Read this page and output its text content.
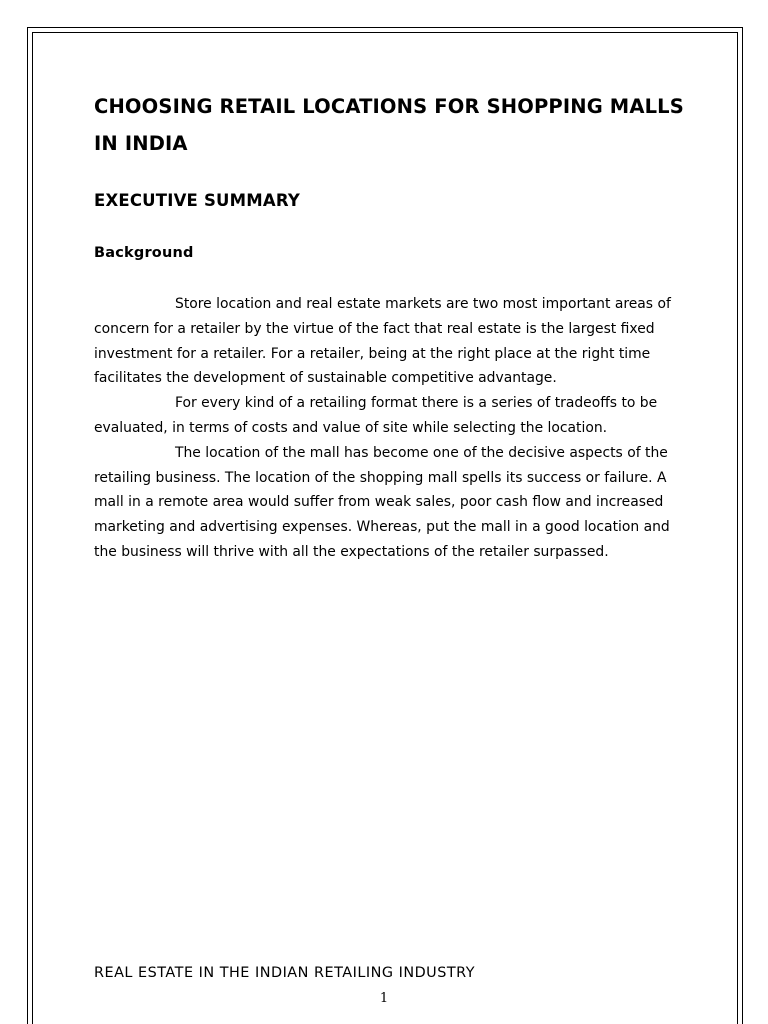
CHOOSING RETAIL LOCATIONS FOR SHOPPING MALLS IN INDIA
EXECUTIVE SUMMARY
Background

Store location and real estate markets are two most important areas of concern for a retailer by the virtue of the fact that real estate is the largest fixed investment for a retailer. For a retailer, being at the right place at the right time facilitates the development of sustainable competitive advantage.

For every kind of a retailing format there is a series of tradeoffs to be evaluated, in terms of costs and value of site while selecting the location.

The location of the mall has become one of the decisive aspects of the retailing business. The location of the shopping mall spells its success or failure. A mall in a remote area would suffer from weak sales, poor cash flow and increased marketing and advertising expenses. Whereas, put the mall in a good location and the business will thrive with all the expectations of the retailer surpassed.

REAL ESTATE IN THE INDIAN RETAILING INDUSTRY
1
